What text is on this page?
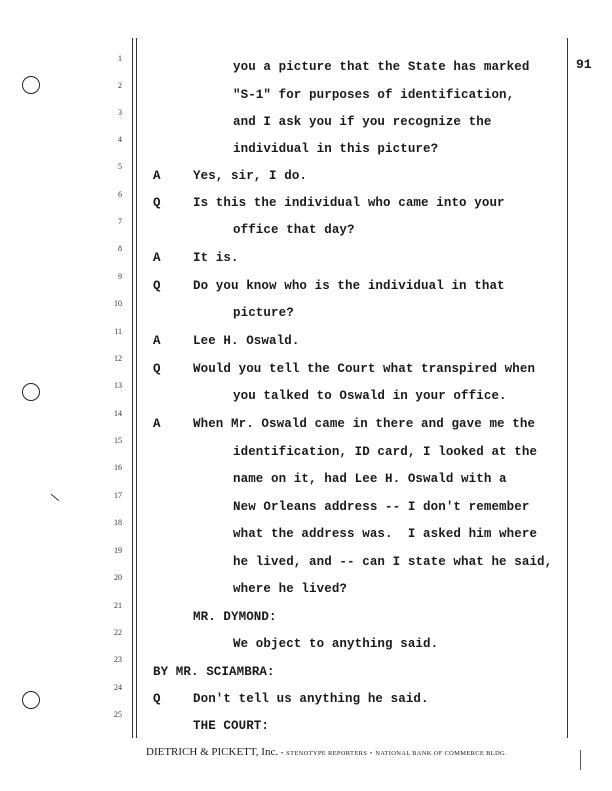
91
1
2
3
4
5
6
7
8
9
10
11
12
13
14
15
16
17
18
19
20
21
22
23
24
25
you a picture that the State has marked
"S-1" for purposes of identification,
and I ask you if you recognize the
individual in this picture?
A	Yes, sir, I do.
Q	Is this the individual who came into your
office that day?
A	It is.
Q	Do you know who is the individual in that
picture?
A	Lee H. Oswald.
Q	Would you tell the Court what transpired when
you talked to Oswald in your office.
A	When Mr. Oswald came in there and gave me the
identification, ID card, I looked at the
name on it, had Lee H. Oswald with a
New Orleans address -- I don't remember
what the address was.  I asked him where
he lived, and -- can I state what he said,
where he lived?
MR. DYMOND:
We object to anything said.
BY MR. SCIAMBRA:
Q	Don't tell us anything he said.
THE COURT:
DIETRICH & PICKETT, Inc. • STENOTYPE REPORTERS • NATIONAL BANK OF COMMERCE BLDG.
